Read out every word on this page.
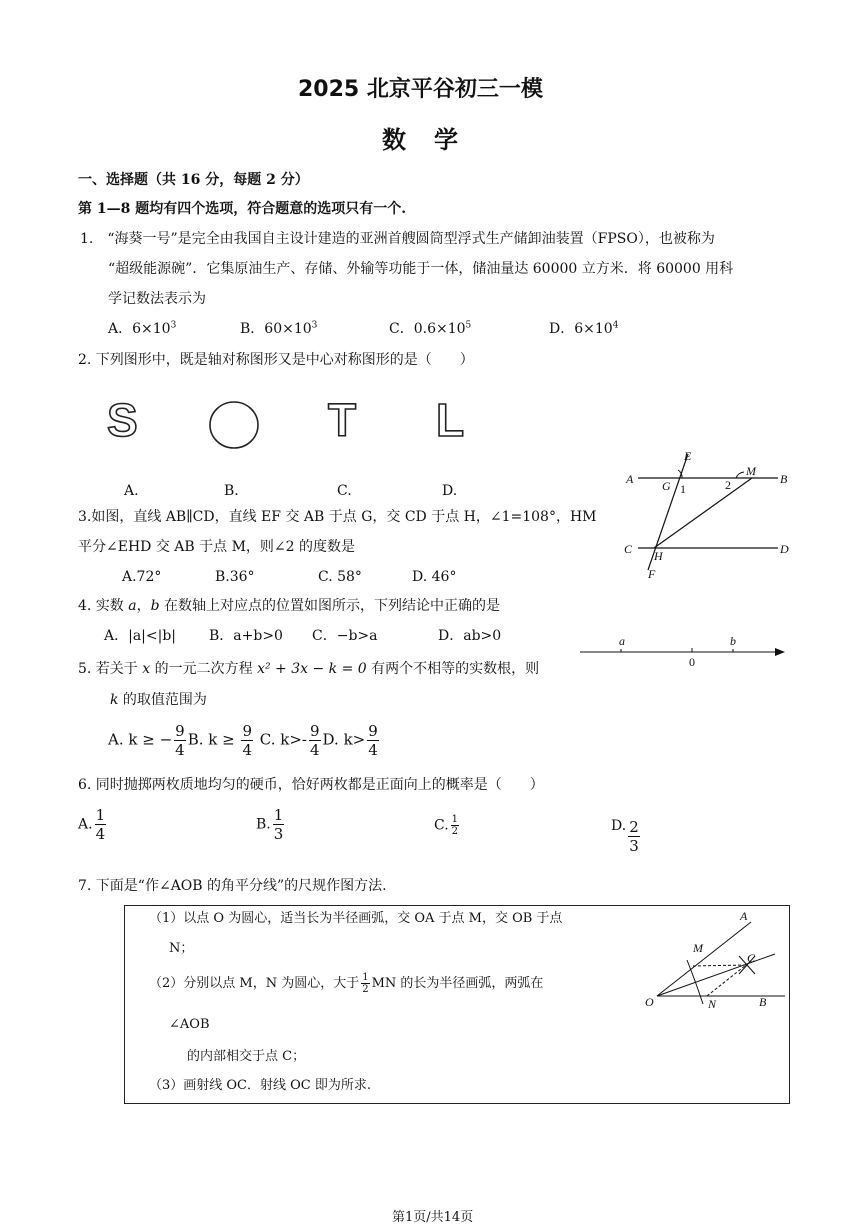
2025 北京平谷初三一模
数　学
一、选择题（共 16 分，每题 2 分）
第 1—8 题均有四个选项，符合题意的选项只有一个.
1.　“海葵一号”是完全由我国自主设计建造的亚洲首艘圆筒型浮式生产储卸油装置（FPSO），也被称为
“超级能源碗”．它集原油生产、存储、外输等功能于一体，储油量达 60000 立方米．将 60000 用科
学记数法表示为
A．$6\times 10^3$	B．$60\times 10^3$	C．$0.6\times 10^5$	D．$6\times 10^4$
2. 下列图形中，既是轴对称图形又是中心对称图形的是（　　）
S	T L
A.	B.	C.	D.
A	B
C	D
E
F
G
H
M
1	2
3.如图，直线 AB∥CD，直线 EF 交 AB 于点 G，交 CD 于点 H，∠1=108°，HM
平分∠EHD 交 AB 于点 M，则∠2 的度数是
A.72°	B.36°	C. 58°	D. 46°
4. 实数 a，b 在数轴上对应点的位置如图所示，下列结论中正确的是
A．|a|<|b| B．a+b>0 C．−b>a	D．ab>0	a	b
0
5. 若关于 x 的一元二次方程 x² + 3x − k = 0 有两个不相等的实数根，则
k 的取值范围为
A. k ≥ − $\frac{9}{4} B$. $k \ge \frac{9}{4} C$. $k>- \frac{9}{4} D$. $k> \frac{9}{4}$
6. 同时抛掷两枚质地均匀的硬币，恰好两枚都是正面向上的概率是（　　）
A. $\frac{1}{4}$	B. $\frac{1}{3}$	C. $\frac{1}{2}$	D. $\frac{2}{3}$
7. 下面是“作∠AOB 的角平分线”的尺规作图方法.
（1）以点 O 为圆心，适当长为半径画弧，交 OA 于点 M，交 OB 于点
N；
（2）分别以点 M，N 为圆心，大于 $\frac{1}{2}$ MN 的长为半径画弧，两弧在
∠AOB
的内部相交于点 C；
（3）画射线 OC．射线 OC 即为所求.
A
B
C
M
N
O
第1页/共14页
